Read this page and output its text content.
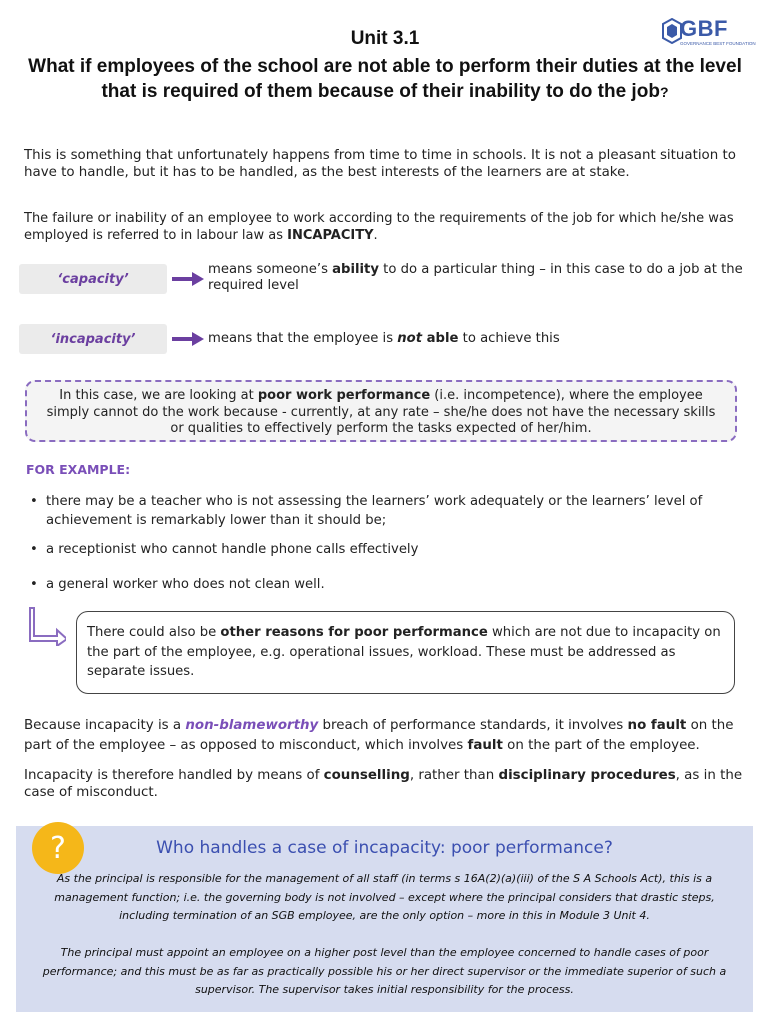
GBF
GOVERNANCE BEST FOUNDATION
Unit 3.1
What if employees of the school are not able to perform their duties at the level that is required of them because of their inability to do the job?
This is something that unfortunately happens from time to time in schools. It is not a pleasant situation to have to handle, but it has to be handled, as the best interests of the learners are at stake.
The failure or inability of an employee to work according to the requirements of the job for which he/she was employed is referred to in labour law as INCAPACITY.
‘capacity’
means someone’s ability to do a particular thing – in this case to do a job at the required level
‘incapacity’	means that the employee is not able to achieve this
In this case, we are looking at poor work performance (i.e. incompetence), where the employee simply cannot do the work because - currently, at any rate – she/he does not have the necessary skills or qualities to effectively perform the tasks expected of her/him.
FOR EXAMPLE:
• there may be a teacher who is not assessing the learners’ work adequately or the learners’ level of achievement is remarkably lower than it should be;
• a receptionist who cannot handle phone calls effectively
• a general worker who does not clean well.
There could also be other reasons for poor performance which are not due to incapacity on the part of the employee, e.g. operational issues, workload. These must be addressed as separate issues.
Because incapacity is a non-blameworthy breach of performance standards, it involves no fault on the part of the employee – as opposed to misconduct, which involves fault on the part of the employee.
Incapacity is therefore handled by means of counselling, rather than disciplinary procedures, as in the case of misconduct.
?	Who handles a case of incapacity: poor performance?
As the principal is responsible for the management of all staff (in terms s 16A(2)(a)(iii) of the S A Schools Act), this is a management function; i.e. the governing body is not involved – except where the principal considers that drastic steps, including termination of an SGB employee, are the only option – more in this in Module 3 Unit 4.
The principal must appoint an employee on a higher post level than the employee concerned to handle cases of poor performance; and this must be as far as practically possible his or her direct supervisor or the immediate superior of such a supervisor. The supervisor takes initial responsibility for the process.
